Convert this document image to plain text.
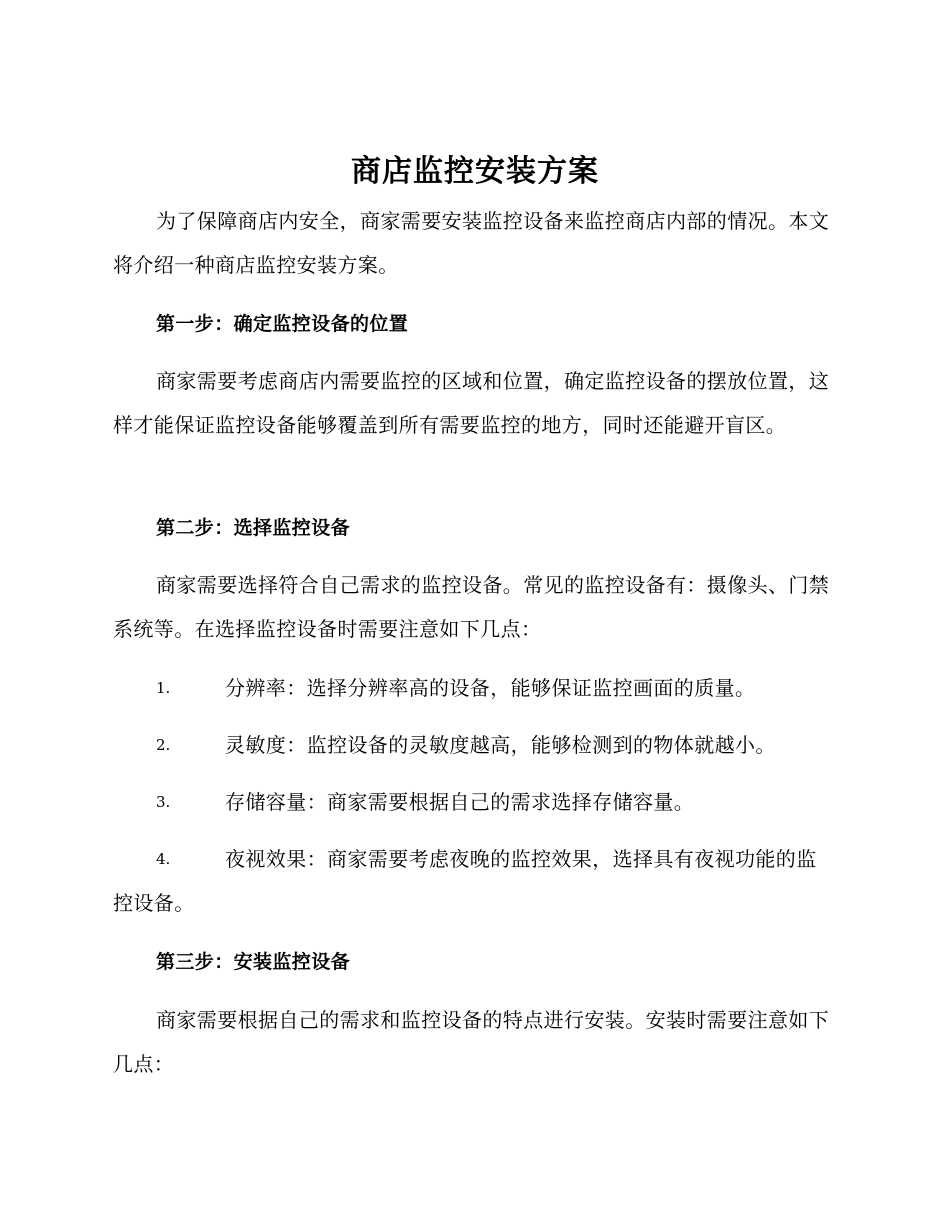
商店监控安装方案
为了保障商店内安全，商家需要安装监控设备来监控商店内部的情况。本文将介绍一种商店监控安装方案。
第一步：确定监控设备的位置
商家需要考虑商店内需要监控的区域和位置，确定监控设备的摆放位置，这样才能保证监控设备能够覆盖到所有需要监控的地方，同时还能避开盲区。
第二步：选择监控设备
商家需要选择符合自己需求的监控设备。常见的监控设备有：摄像头、门禁系统等。在选择监控设备时需要注意如下几点：
1.	分辨率：选择分辨率高的设备，能够保证监控画面的质量。
2.	灵敏度：监控设备的灵敏度越高，能够检测到的物体就越小。
3.	存储容量：商家需要根据自己的需求选择存储容量。
4.	夜视效果：商家需要考虑夜晚的监控效果，选择具有夜视功能的监控设备。
第三步：安装监控设备
商家需要根据自己的需求和监控设备的特点进行安装。安装时需要注意如下几点：
